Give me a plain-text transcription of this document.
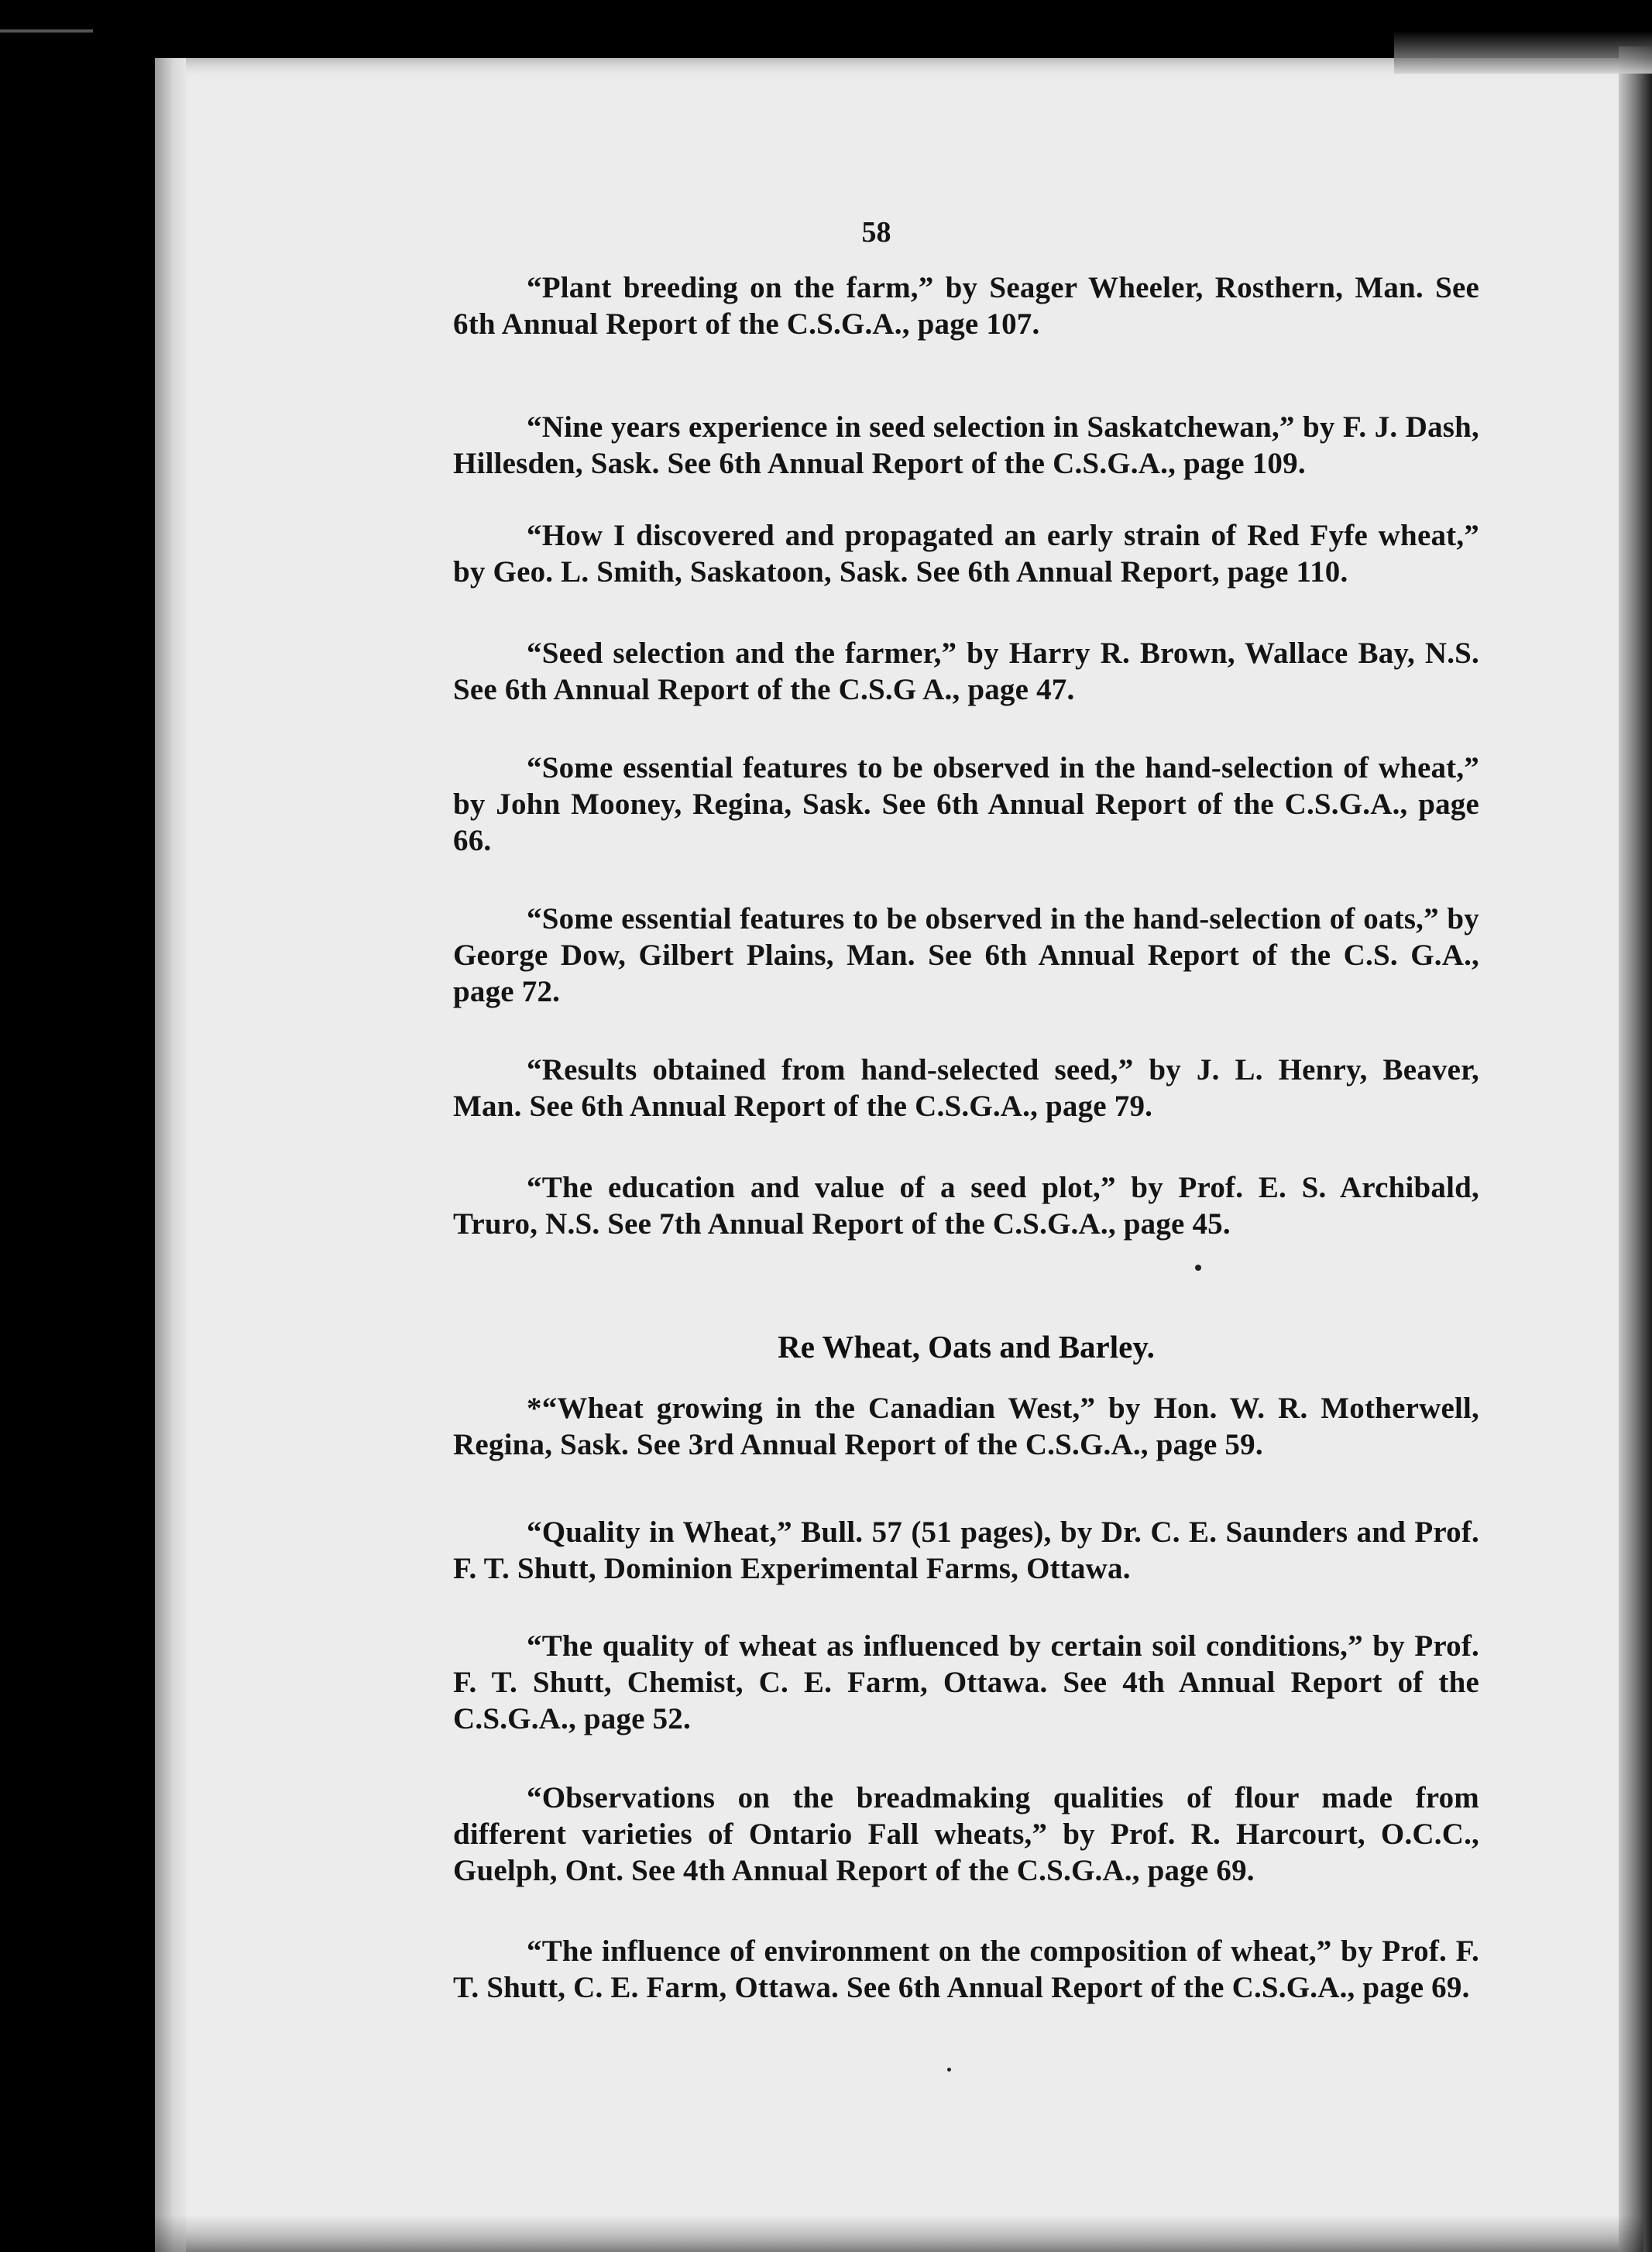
58

“Plant breeding on the farm,” by Seager Wheeler, Rosthern, Man. See 6th Annual Report of the C.S.G.A., page 107.

“Nine years experience in seed selection in Saskatchewan,” by F. J. Dash, Hillesden, Sask. See 6th Annual Report of the C.S.G.A., page 109.

“How I discovered and propagated an early strain of Red Fyfe wheat,” by Geo. L. Smith, Saskatoon, Sask. See 6th Annual Report, page 110.

“Seed selection and the farmer,” by Harry R. Brown, Wallace Bay, N.S. See 6th Annual Report of the C.S.G A., page 47.

“Some essential features to be observed in the hand-selection of wheat,” by John Mooney, Regina, Sask. See 6th Annual Report of the C.S.G.A., page 66.

“Some essential features to be observed in the hand-selection of oats,” by George Dow, Gilbert Plains, Man. See 6th Annual Report of the C.S. G.A., page 72.

“Results obtained from hand-selected seed,” by J. L. Henry, Beaver, Man. See 6th Annual Report of the C.S.G.A., page 79.

“The education and value of a seed plot,” by Prof. E. S. Archibald, Truro, N.S. See 7th Annual Report of the C.S.G.A., page 45.

Re Wheat, Oats and Barley.

*“Wheat growing in the Canadian West,” by Hon. W. R. Motherwell, Regina, Sask. See 3rd Annual Report of the C.S.G.A., page 59.

“Quality in Wheat,” Bull. 57 (51 pages), by Dr. C. E. Saunders and Prof. F. T. Shutt, Dominion Experimental Farms, Ottawa.

“The quality of wheat as influenced by certain soil conditions,” by Prof. F. T. Shutt, Chemist, C. E. Farm, Ottawa. See 4th Annual Report of the C.S.G.A., page 52.

“Observations on the breadmaking qualities of flour made from different varieties of Ontario Fall wheats,” by Prof. R. Harcourt, O.C.C., Guelph, Ont. See 4th Annual Report of the C.S.G.A., page 69.

“The influence of environment on the composition of wheat,” by Prof. F. T. Shutt, C. E. Farm, Ottawa. See 6th Annual Report of the C.S.G.A., page 69.
